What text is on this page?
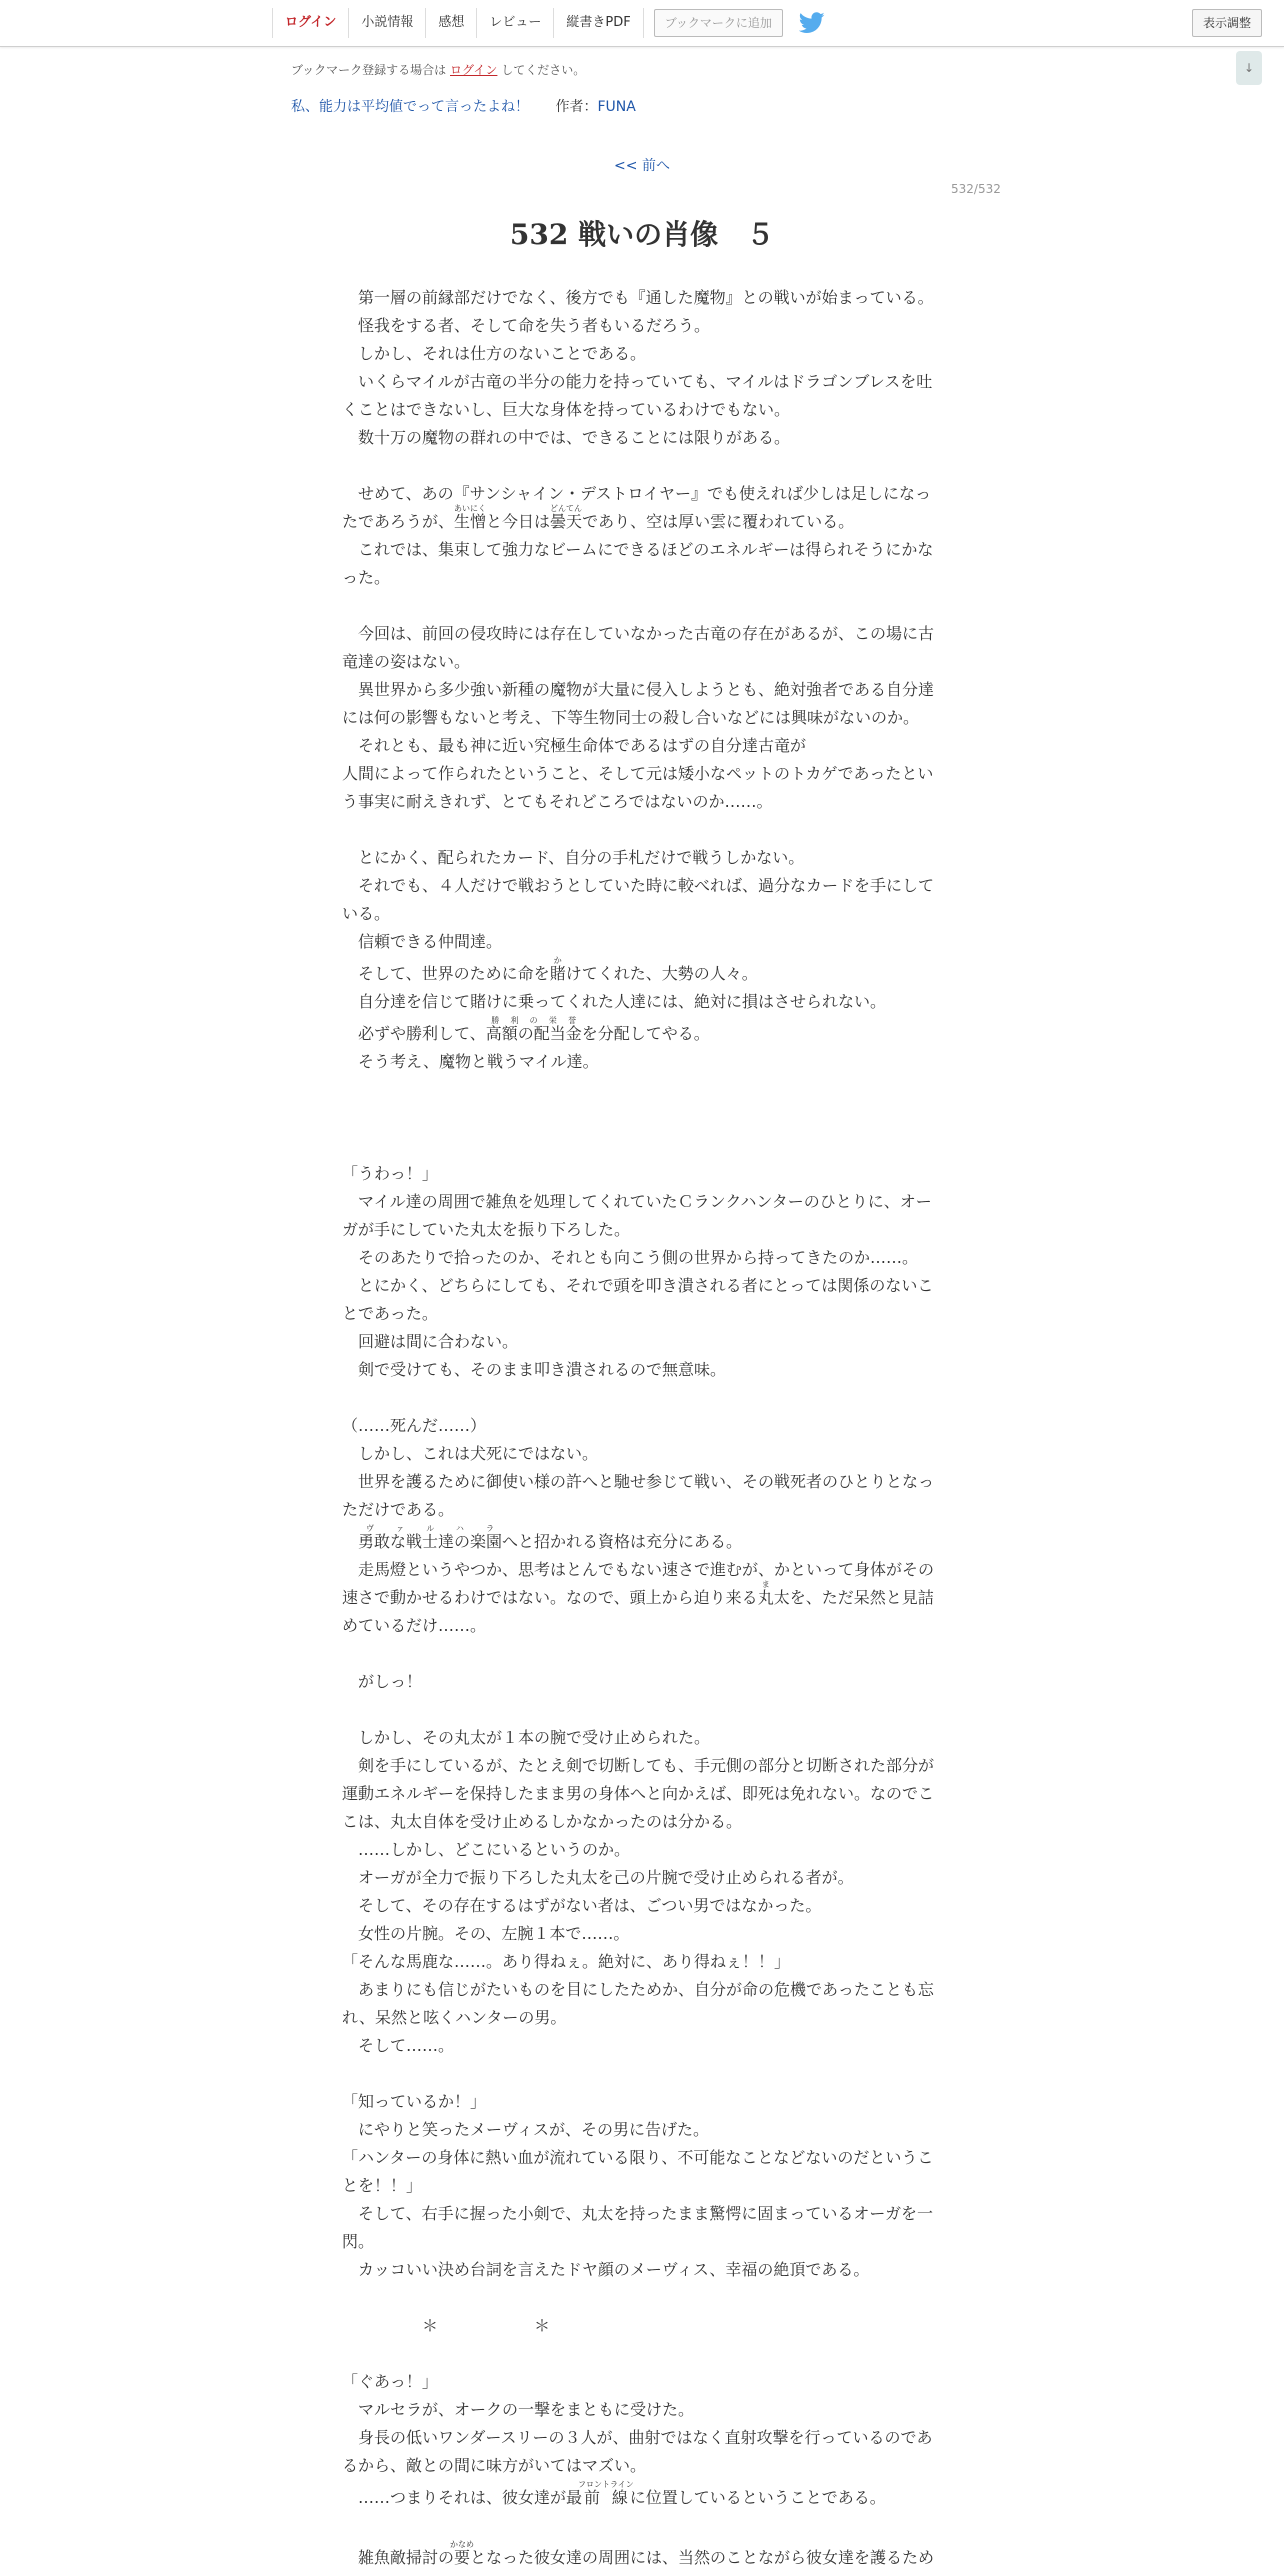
ログイン	小説情報	感想	レビュー	縦書きPDF	ブックマークに追加	表示調整
↓
ブックマーク登録する場合は ログイン してください。
私、能力は平均値でって言ったよね！ 作者：FUNA
<< 前へ
532/532
532 戦いの肖像　５
　第一層の前縁部だけでなく、後方でも『通した魔物』との戦いが始まっている。
　怪我をする者、そして命を失う者もいるだろう。
　しかし、それは仕方のないことである。
　いくらマイルが古竜の半分の能力を持っていても、マイルはドラゴンブレスを吐くことはできないし、巨大な身体を持っているわけでもない。
　数十万の魔物の群れの中では、できることには限りがある。
　せめて、あの『サンシャイン・デストロイヤー』でも使えれば少しは足しになったであろうが、生憎あいにくと今日は曇天どんてんであり、空は厚い雲に覆われている。
　これでは、集束して強力なビームにできるほどのエネルギーは得られそうにかなった。
　今回は、前回の侵攻時には存在していなかった古竜の存在があるが、この場に古竜達の姿はない。
　異世界から多少強い新種の魔物が大量に侵入しようとも、絶対強者である自分達には何の影響もないと考え、下等生物同士の殺し合いなどには興味がないのか。
　それとも、最も神に近い究極生命体であるはずの自分達古竜が
人間によって作られたということ、そして元は矮小なペットのトカゲであったという事実に耐えきれず、とてもそれどころではないのか……。
　とにかく、配られたカード、自分の手札だけで戦うしかない。
　それでも、４人だけで戦おうとしていた時に較べれば、過分なカードを手にしている。
　信頼できる仲間達。
　そして、世界のために命を賭かけてくれた、大勢の人々。
　自分達を信じて賭けに乗ってくれた人達には、絶対に損はさせられない。
　必ずや勝利して、高額の配当金勝利の栄誉を分配してやる。
　そう考え、魔物と戦うマイル達。
「うわっ！」
　マイル達の周囲で雑魚を処理してくれていたＣランクハンターのひとりに、オーガが手にしていた丸太を振り下ろした。
　そのあたりで拾ったのか、それとも向こう側の世界から持ってきたのか……。
　とにかく、どちらにしても、それで頭を叩き潰される者にとっては関係のないことであった。
　回避は間に合わない。
　剣で受けても、そのまま叩き潰されるので無意味。
（……死んだ……）
　しかし、これは犬死にではない。
　世界を護るために御使い様の許へと馳せ参じて戦い、その戦死者のひとりとなっただけである。
　勇敢な戦士達の楽園ヴァルハラへと招かれる資格は充分にある。
　走馬燈というやつか、思考はとんでもない速さで進むが、かといって身体がその速さで動かせるわけではない。なので、頭上から迫り来る丸ま太を、ただ呆然と見詰めているだけ……。
　がしっ！
　しかし、その丸太が１本の腕で受け止められた。
　剣を手にしているが、たとえ剣で切断しても、手元側の部分と切断された部分が運動エネルギーを保持したまま男の身体へと向かえば、即死は免れない。なのでここは、丸太自体を受け止めるしかなかったのは分かる。
　……しかし、どこにいるというのか。
　オーガが全力で振り下ろした丸太を己の片腕で受け止められる者が。
　そして、その存在するはずがない者は、ごつい男ではなかった。
　女性の片腕。その、左腕１本で……。
「そんな馬鹿な……。あり得ねぇ。絶対に、あり得ねぇ！！」
　あまりにも信じがたいものを目にしたためか、自分が命の危機であったことも忘れ、呆然と呟くハンターの男。
　そして……。
「知っているか！」
　にやりと笑ったメーヴィスが、その男に告げた。
「ハンターの身体に熱い血が流れている限り、不可能なことなどないのだということを！！」
　そして、右手に握った小剣で、丸太を持ったまま驚愕に固まっているオーガを一閃。
　カッコいい決め台詞を言えたドヤ顔のメーヴィス、幸福の絶頂である。
　　　　　＊　　　　　　＊
「ぐあっ！」
　マルセラが、オークの一撃をまともに受けた。
　身長の低いワンダースリーの３人が、曲射ではなく直射攻撃を行っているのであるから、敵との間に味方がいてはマズい。
　……つまりそれは、彼女達が最前線フロントラインに位置しているということである。
　雑魚敵掃討の要かなめとなった彼女達の周囲には、当然のことながら彼女達を護るため
